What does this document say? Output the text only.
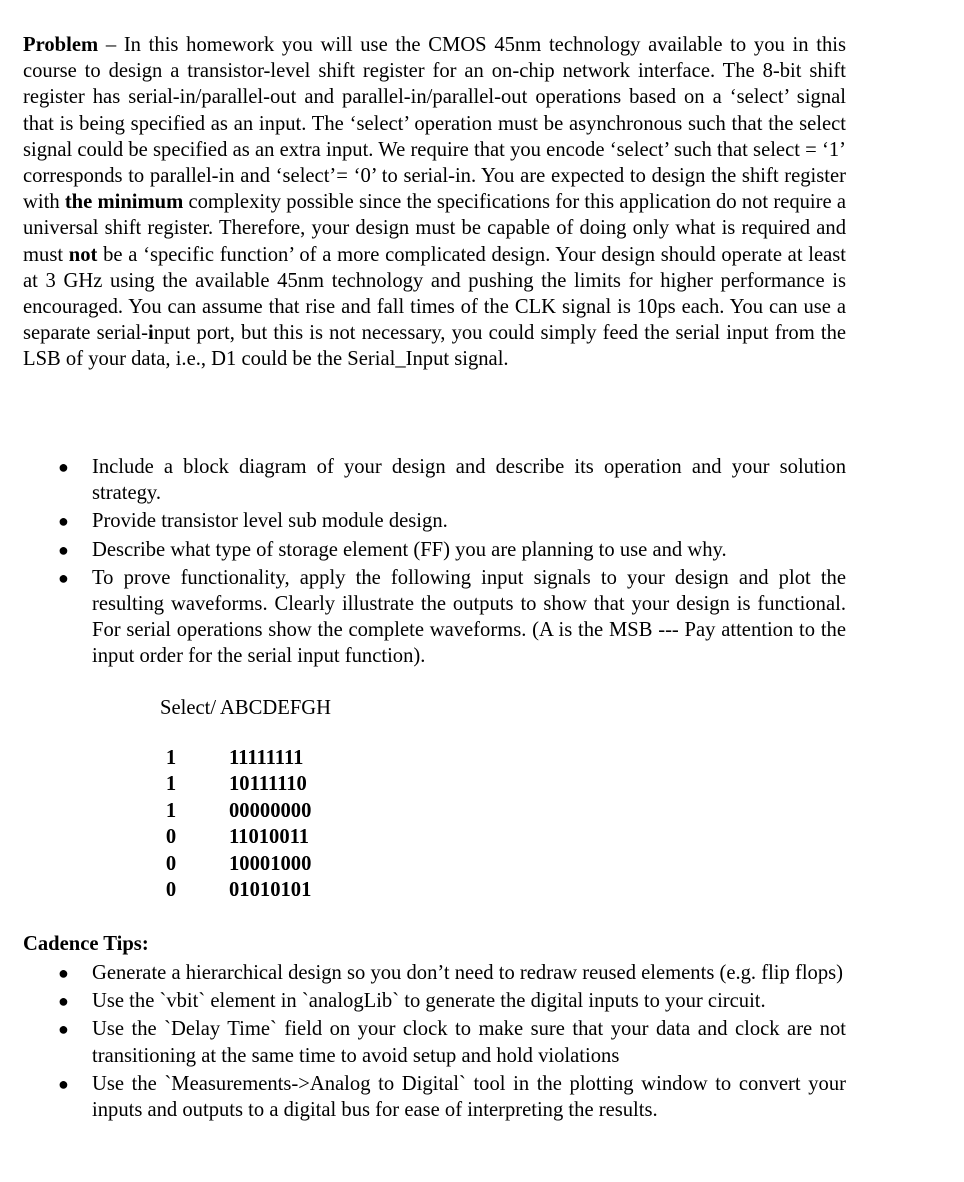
Problem – In this homework you will use the CMOS 45nm technology available to you in this course to design a transistor-level shift register for an on-chip network interface. The 8-bit shift register has serial-in/parallel-out and parallel-in/parallel-out operations based on a ‘select’ signal that is being specified as an input. The ‘select’ operation must be asynchronous such that the select signal could be specified as an extra input. We require that you encode ‘select’ such that select = ‘1’ corresponds to parallel-in and ‘select’= ‘0’ to serial-in. You are expected to design the shift register with the minimum complexity possible since the specifications for this application do not require a universal shift register. Therefore, your design must be capable of doing only what is required and must not be a ‘specific function’ of a more complicated design. Your design should operate at least at 3 GHz using the available 45nm technology and pushing the limits for higher performance is encouraged. You can assume that rise and fall times of the CLK signal is 10ps each. You can use a separate serial-input port, but this is not necessary, you could simply feed the serial input from the LSB of your data, i.e., D1 could be the Serial_Input signal.

● Include a block diagram of your design and describe its operation and your solution strategy.
● Provide transistor level sub module design.
● Describe what type of storage element (FF) you are planning to use and why.
● To prove functionality, apply the following input signals to your design and plot the resulting waveforms. Clearly illustrate the outputs to show that your design is functional. For serial operations show the complete waveforms. (A is the MSB --- Pay attention to the input order for the serial input function).
Select/ ABCDEFGH
1		11111111
1		10111110
1		00000000
0		11010011
0		10001000
0		01010101
Cadence Tips:
● Generate a hierarchical design so you don’t need to redraw reused elements (e.g. flip flops)
● Use the `vbit` element in `analogLib` to generate the digital inputs to your circuit.
● Use the `Delay Time` field on your clock to make sure that your data and clock are not transitioning at the same time to avoid setup and hold violations
● Use the `Measurements->Analog to Digital` tool in the plotting window to convert your inputs and outputs to a digital bus for ease of interpreting the results.
